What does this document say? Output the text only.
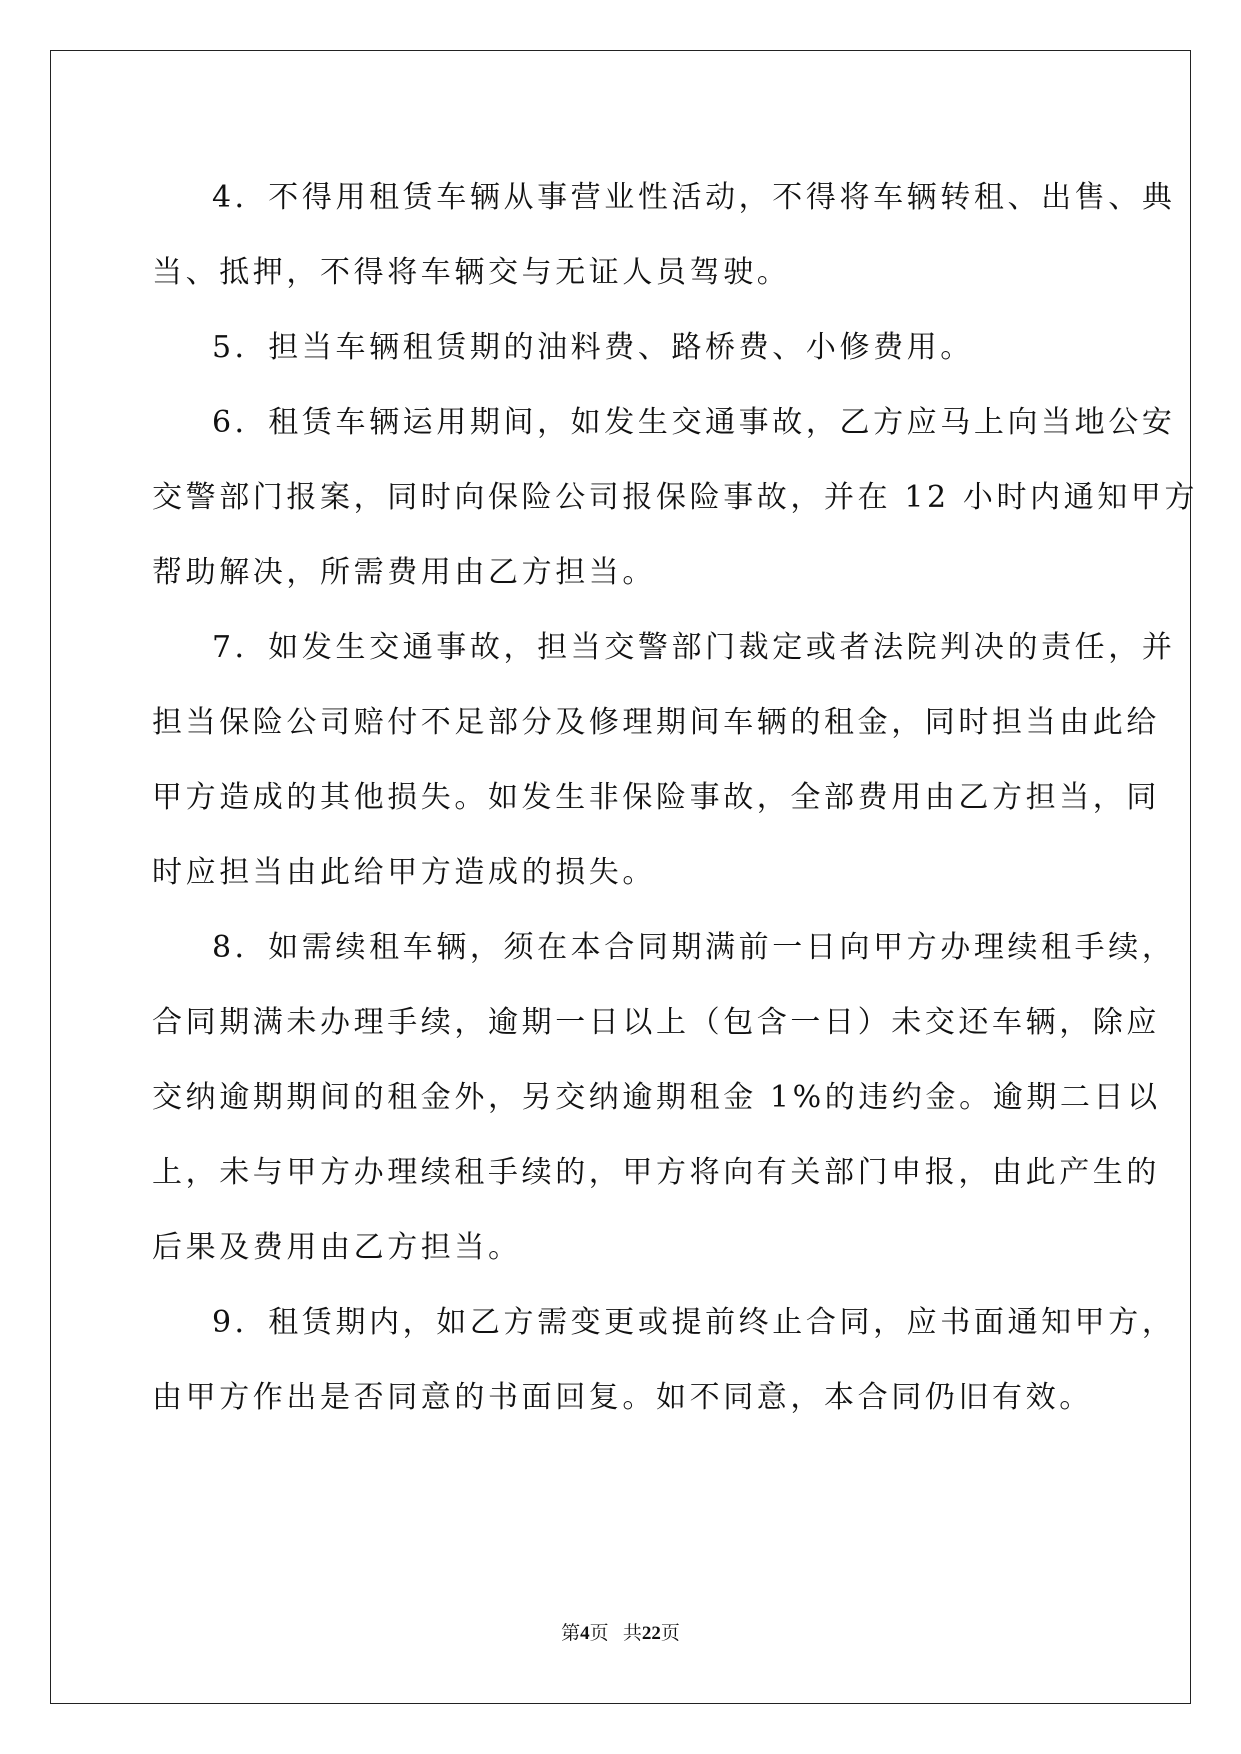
4．不得用租赁车辆从事营业性活动，不得将车辆转租、出售、典
当、抵押，不得将车辆交与无证人员驾驶。
5．担当车辆租赁期的油料费、路桥费、小修费用。
6．租赁车辆运用期间，如发生交通事故，乙方应马上向当地公安
交警部门报案，同时向保险公司报保险事故，并在 12 小时内通知甲方
帮助解决，所需费用由乙方担当。
7．如发生交通事故，担当交警部门裁定或者法院判决的责任，并
担当保险公司赔付不足部分及修理期间车辆的租金，同时担当由此给
甲方造成的其他损失。如发生非保险事故，全部费用由乙方担当，同
时应担当由此给甲方造成的损失。
8．如需续租车辆，须在本合同期满前一日向甲方办理续租手续，
合同期满未办理手续，逾期一日以上（包含一日）未交还车辆，除应
交纳逾期期间的租金外，另交纳逾期租金 1%的违约金。逾期二日以
上，未与甲方办理续租手续的，甲方将向有关部门申报，由此产生的
后果及费用由乙方担当。
9．租赁期内，如乙方需变更或提前终止合同，应书面通知甲方，
由甲方作出是否同意的书面回复。如不同意，本合同仍旧有效。
第4页 共22页
